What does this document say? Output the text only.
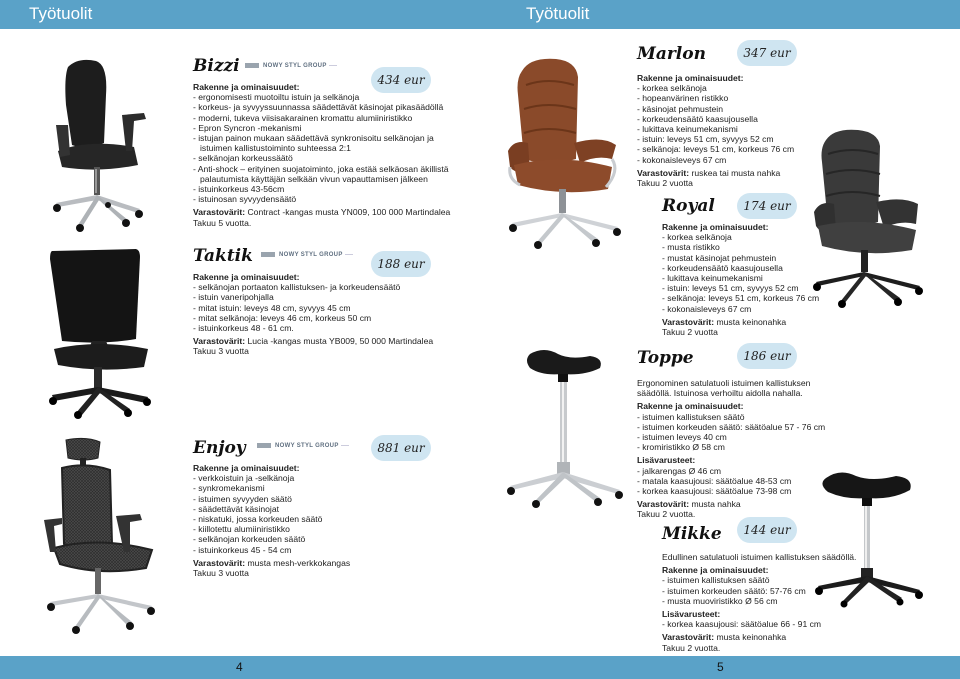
Työtuolit	Työtuolit
Bizzi	NOWY STYL GROUP
434 eur
Rakenne ja ominaisuudet:
- ergonomisesti muotoiltu istuin ja selkänoja
- korkeus- ja syvyyssuunnassa säädettävät käsinojat pikasäädöllä
- moderni, tukeva viisisakarainen kromattu alumiiniristikko
- Epron Syncron -mekanismi
- istujan painon mukaan säädettävä synkronisoitu selkänojan ja
istuimen kallistustoiminto suhteessa 2:1
- selkänojan korkeussäätö
- Anti-shock – erityinen suojatoiminto, joka estää selkäosan äkillistä
palautumista käyttäjän selkään vivun vapauttamisen jälkeen
- istuinkorkeus 43-56cm
- istuinosan syvyydensäätö
Varastovärit: Contract -kangas musta YN009, 100 000 Martindalea
Takuu 5 vuotta.
Taktik	NOWY STYL GROUP
188 eur
Rakenne ja ominaisuudet:
- selkänojan portaaton kallistuksen- ja korkeudensäätö
- istuin vaneripohjalla
- mitat istuin: leveys 48 cm, syvyys 45 cm
- mitat selkänoja: leveys 46 cm, korkeus 50 cm
- istuinkorkeus 48 - 61 cm.
Varastovärit: Lucia -kangas musta YB009, 50 000 Martindalea
Takuu 3 vuotta
Enjoy	NOWY STYL GROUP	881 eur
Rakenne ja ominaisuudet:
- verkkoistuin ja -selkänoja
- synkromekanismi
- istuimen syvyyden säätö
- säädettävät käsinojat
- niskatuki, jossa korkeuden säätö
- kiillotettu alumiiniristikko
- selkänojan korkeuden säätö
- istuinkorkeus 45 - 54 cm
Varastovärit: musta mesh-verkkokangas
Takuu 3 vuotta
Marlon	347 eur
Rakenne ja ominaisuudet:
- korkea selkänoja
- hopeanvärinen ristikko
- käsinojat pehmustein
- korkeudensäätö kaasujousella
- lukittava keinumekanismi
- istuin: leveys 51 cm, syvyys 52 cm
- selkänoja: leveys 51 cm, korkeus 76 cm
- kokonaisleveys 67 cm
Varastovärit: ruskea tai musta nahka
Takuu 2 vuotta
Royal	174 eur
Rakenne ja ominaisuudet:
- korkea selkänoja
- musta ristikko
- mustat käsinojat pehmustein
- korkeudensäätö kaasujousella
- lukittava keinumekanismi
- istuin: leveys 51 cm, syvyys 52 cm
- selkänoja: leveys 51 cm, korkeus 76 cm
- kokonaisleveys 67 cm
Varastovärit: musta keinonahka
Takuu 2 vuotta
Toppe	186 eur
Ergonominen satulatuoli istuimen kallistuksen
säädöllä. Istuinosa verhoiltu aidolla nahalla.
Rakenne ja ominaisuudet:
- istuimen kallistuksen säätö
- istuimen korkeuden säätö: säätöalue 57 - 76 cm
- istuimen leveys 40 cm
- kromiristikko Ø 58 cm
Lisävarusteet:
- jalkarengas Ø 46 cm
- matala kaasujousi: säätöalue 48-53 cm
- korkea kaasujousi: säätöalue 73-98 cm
Varastovärit: musta nahka
Takuu 2 vuotta.
Mikke	144 eur
Edullinen satulatuoli istuimen kallistuksen säädöllä.
Rakenne ja ominaisuudet:
- istuimen kallistuksen säätö
- istuimen korkeuden säätö: 57-76 cm
- musta muoviristikko Ø 56 cm
Lisävarusteet:
- korkea kaasujousi: säätöalue 66 - 91 cm
Varastovärit: musta keinonahka
Takuu 2 vuotta.
4	5
